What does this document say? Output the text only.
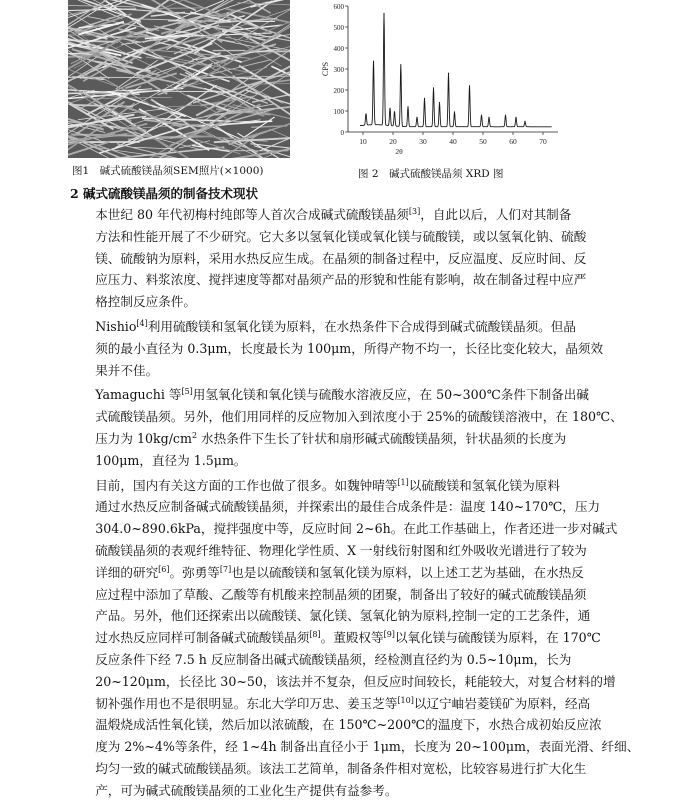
图1　碱式硫酸镁晶须SEM照片(×1000)
0
100
200
300
400
500
600
10	20	30	40	50	60	70
CPS
2θ
图 2　碱式硫酸镁晶须 XRD 图
2 碱式硫酸镁晶须的制备技术现状

本世纪 80 年代初梅村纯郎等人首次合成碱式硫酸镁晶须[3]，自此以后，人们对其制备
方法和性能开展了不少研究。它大多以氢氧化镁或氧化镁与硫酸镁，或以氢氧化钠、硫酸
镁、硫酸钠为原料，采用水热反应生成。在晶须的制备过程中，反应温度、反应时间、反
应压力、料浆浓度、搅拌速度等都对晶须产品的形貌和性能有影响，故在制备过程中应严
格控制反应条件。

Nishio[4]利用硫酸镁和氢氧化镁为原料，在水热条件下合成得到碱式硫酸镁晶须。但晶
须的最小直径为 0.3μm，长度最长为 100μm，所得产物不均一，长径比变化较大，晶须效
果并不佳。

Yamaguchi 等[5]用氢氧化镁和氧化镁与硫酸水溶液反应，在 50~300℃条件下制备出碱
式硫酸镁晶须。另外，他们用同样的反应物加入到浓度小于 25%的硫酸镁溶液中，在 180℃、
压力为 $10kg/cm^2$ 水热条件下生长了针状和扇形碱式硫酸镁晶须，针状晶须的长度为
100μm，直径为 1.5μm。

目前，国内有关这方面的工作也做了很多。如魏钟晴等[1]以硫酸镁和氢氧化镁为原料
通过水热反应制备碱式硫酸镁晶须，并探索出的最佳合成条件是：温度 140~170℃，压力
304.0~890.6kPa，搅拌强度中等，反应时间 2~6h。在此工作基础上，作者还进一步对碱式
硫酸镁晶须的表观纤维特征、物理化学性质、X 一射线衍射图和红外吸收光谱进行了较为
详细的研究[6]。弥勇等[7]也是以硫酸镁和氢氧化镁为原料，以上述工艺为基础，在水热反
应过程中添加了草酸、乙酸等有机酸来控制晶须的团聚，制备出了较好的碱式硫酸镁晶须
产品。另外，他们还探索出以硫酸镁、氯化镁、氢氧化钠为原料,控制一定的工艺条件，通
过水热反应同样可制备碱式硫酸镁晶须[8]。董殿权等[9]以氧化镁与硫酸镁为原料，在 170℃
反应条件下经 7.5 h 反应制备出碱式硫酸镁晶须，经检测直径约为 0.5~10μm，长为
20~120μm，长径比 30~50，该法并不复杂，但反应时间较长，耗能较大，对复合材料的增
韧补强作用也不是很明显。东北大学印万忠、姜玉芝等[10]以辽宁岫岩菱镁矿为原料，经高
温煅烧成活性氧化镁，然后加以浓硫酸，在 150℃~200℃的温度下，水热合成初始反应浓
度为 2%~4%等条件，经 1~4h 制备出直径小于 1μm，长度为 20~100μm，表面光滑、纤细、
均匀一致的碱式硫酸镁晶须。该法工艺简单，制备条件相对宽松，比较容易进行扩大化生
产，可为碱式硫酸镁晶须的工业化生产提供有益参考。
